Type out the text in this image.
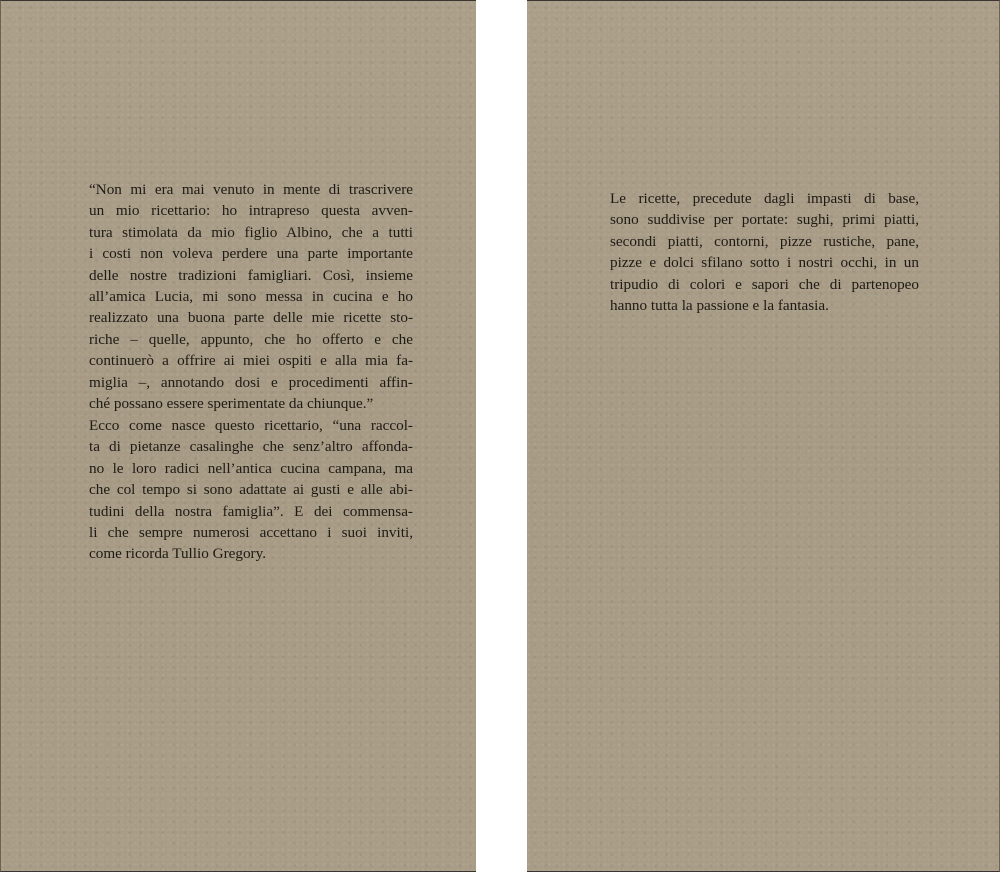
“Non mi era mai venuto in mente di trascrivere
un mio ricettario: ho intrapreso questa avven-
tura stimolata da mio figlio Albino, che a tutti
i costi non voleva perdere una parte importante
delle nostre tradizioni famigliari. Così, insieme
all’amica Lucia, mi sono messa in cucina e ho
realizzato una buona parte delle mie ricette sto-
riche – quelle, appunto, che ho offerto e che
continuerò a offrire ai miei ospiti e alla mia fa-
miglia –, annotando dosi e procedimenti affin-
ché possano essere sperimentate da chiunque.”
Ecco come nasce questo ricettario, “una raccol-
ta di pietanze casalinghe che senz’altro affonda-
no le loro radici nell’antica cucina campana, ma
che col tempo si sono adattate ai gusti e alle abi-
tudini della nostra famiglia”. E dei commensa-
li che sempre numerosi accettano i suoi inviti,
come ricorda Tullio Gregory.
Le ricette, precedute dagli impasti di base,
sono suddivise per portate: sughi, primi piatti,
secondi piatti, contorni, pizze rustiche, pane,
pizze e dolci sfilano sotto i nostri occhi, in un
tripudio di colori e sapori che di partenopeo
hanno tutta la passione e la fantasia.
